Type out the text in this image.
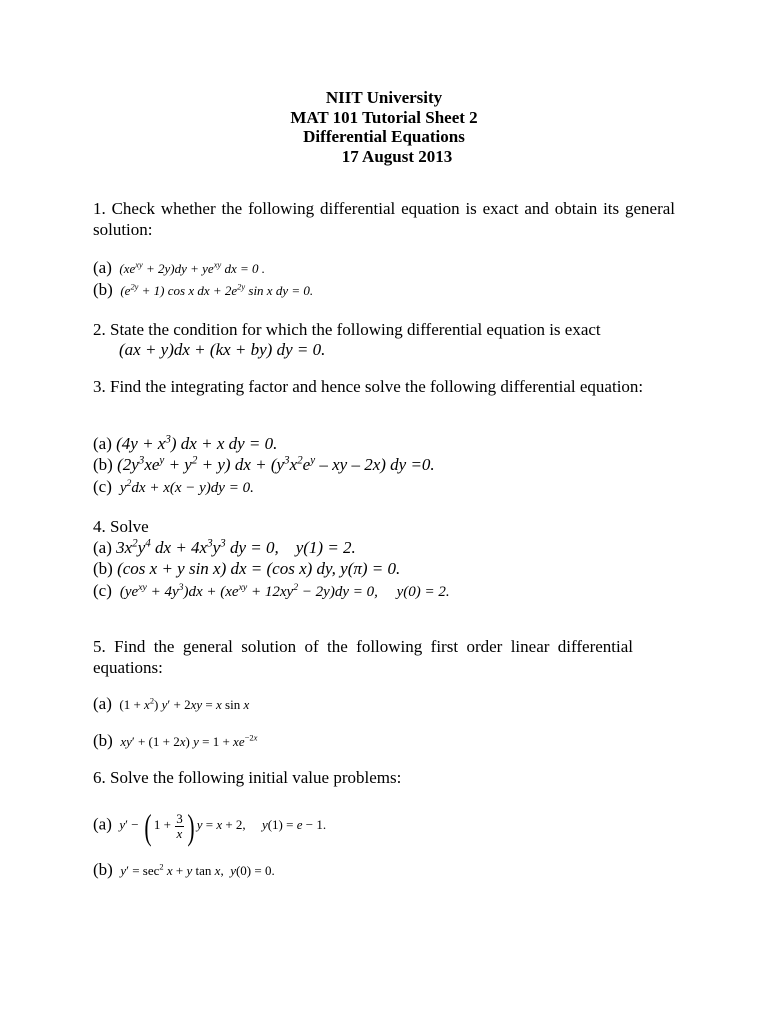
NIIT University
MAT 101 Tutorial Sheet 2
Differential Equations
17 August 2013
1. Check whether the following differential equation is exact and obtain its general solution:
(a)  $(xe^{xy} + 2y)dy + ye^{xy}$ dx = 0 .
(b)  $(e^{2y} + 1)$ cos x dx + $2e^{2y}$ sin x dy = 0.
2. State the condition for which the following differential equation is exact
(ax + y)dx + (kx + by) dy = 0.
3. Find the integrating factor and hence solve the following differential equation:
(a) $(4y + x^3)$ dx + x dy = 0.
(b) $(2y^3xe^y + y^2 + y)$ dx + ($y^3x^2e^y$ – xy – 2x) dy =0.
(c)  $y^2dx + x(x - y)dy = 0$.
4. Solve
(a) $3x^2y^4$ dx + $4x^3y^3$ dy = 0,    y(1) = 2.
(b) (cos x + y sin x) dx = (cos x) dy, y(π) = 0.
(c)  $(ye^{xy} + 4y^3)dx + (xe^{xy} + 12xy^2 - 2y)dy = 0$,     y(0) = 2.
5. Find the general solution of the following first order linear differential equations:
(a)  $(1 + x^2)$ y′ + 2xy = x sin x
(b) xy′ + (1 + 2x) $y = 1 + xe^{-2x}$
6. Solve the following initial value problems:
(a) y′ − ( $1 + \frac{3}{x}$ ) y = x + 2,     y(1) = e − 1.
(b) $y' = \sec^2 x + y$ tan x,  y(0) = 0.
